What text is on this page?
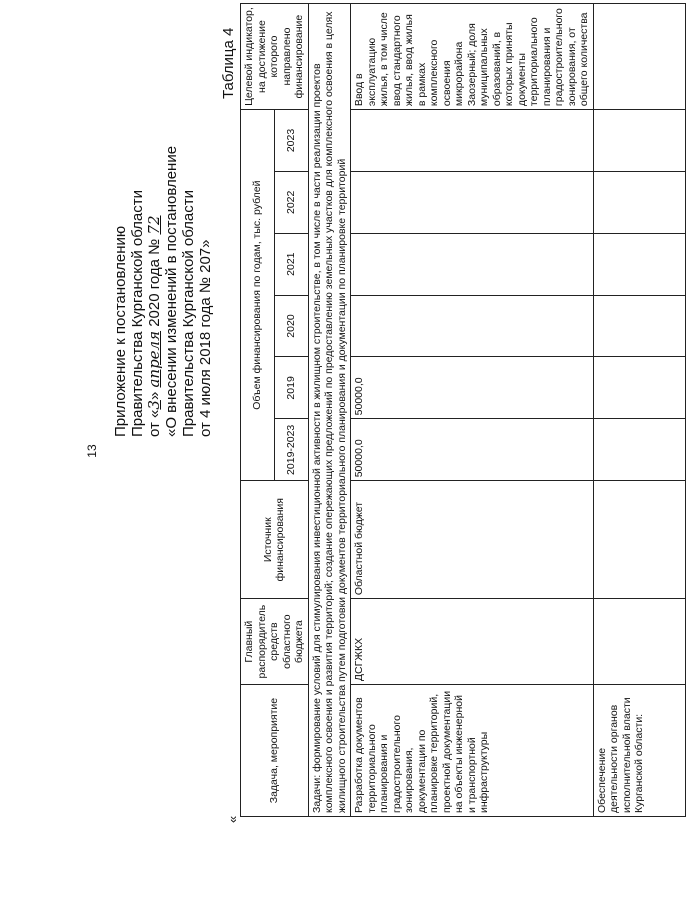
13
Приложение к постановлению Правительства Курганской области от «3» апреля 2020 года № 72 «О внесении изменений в постановление Правительства Курганской области от 4 июля 2018 года № 207»
Таблица 4
«
Задача, мероприятие	Главный распорядитель средств областного бюджета	Источник финансирования	Объем финансирования по годам, тыс. рублей						Целевой индикатор, на достижение которого направлено финансирование
			2019-2023	2019	2020	2021	2022	2023	
Задачи: формирование условий для стимулирования инвестиционной активности в жилищном строительстве, в том числе в части реализации проектов комплексного освоения и развития территорий; создание опережающих предложений по предоставлению земельных участков для комплексного освоения в целях жилищного строительства путем подготовки документов территориального планирования и документации по планировке территорий									
Разработка документов территориального планирования и градостроительного зонирования, документации по планировке территорий, проектной документации на объекты инженерной и транспортной инфраструктуры	ДСГЖКХ	Областной бюджет	50000,0	50000,0					Ввод в эксплуатацию жилья, в том числе ввод стандартного жилья, ввод жилья в рамках комплексного освоения микрорайона Заозерный; доля муниципальных образований, в которых приняты документы территориального планирования и градостроительного зонирования, от общего количества
Обеспечение деятельности органов исполнительной власти Курганской области:									
